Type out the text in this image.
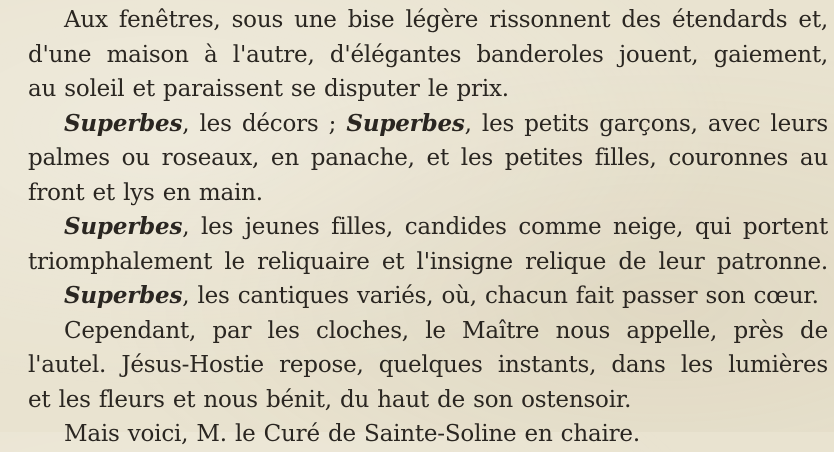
Aux fenêtres, sous une bise légère rissonnent des étendards et,
d'une maison à l'autre, d'élégantes banderoles jouent, gaiement,
au soleil et paraissent se disputer le prix.
Superbes, les décors ; Superbes, les petits garçons, avec leurs
palmes ou roseaux, en panache, et les petites filles, couronnes au
front et lys en main.
Superbes, les jeunes filles, candides comme neige, qui portent
triomphalement le reliquaire et l'insigne relique de leur patronne.
Superbes, les cantiques variés, où, chacun fait passer son cœur.
Cependant, par les cloches, le Maître nous appelle, près de
l'autel. Jésus-Hostie repose, quelques instants, dans les lumières
et les fleurs et nous bénit, du haut de son ostensoir.
Mais voici, M. le Curé de Sainte-Soline en chaire.
